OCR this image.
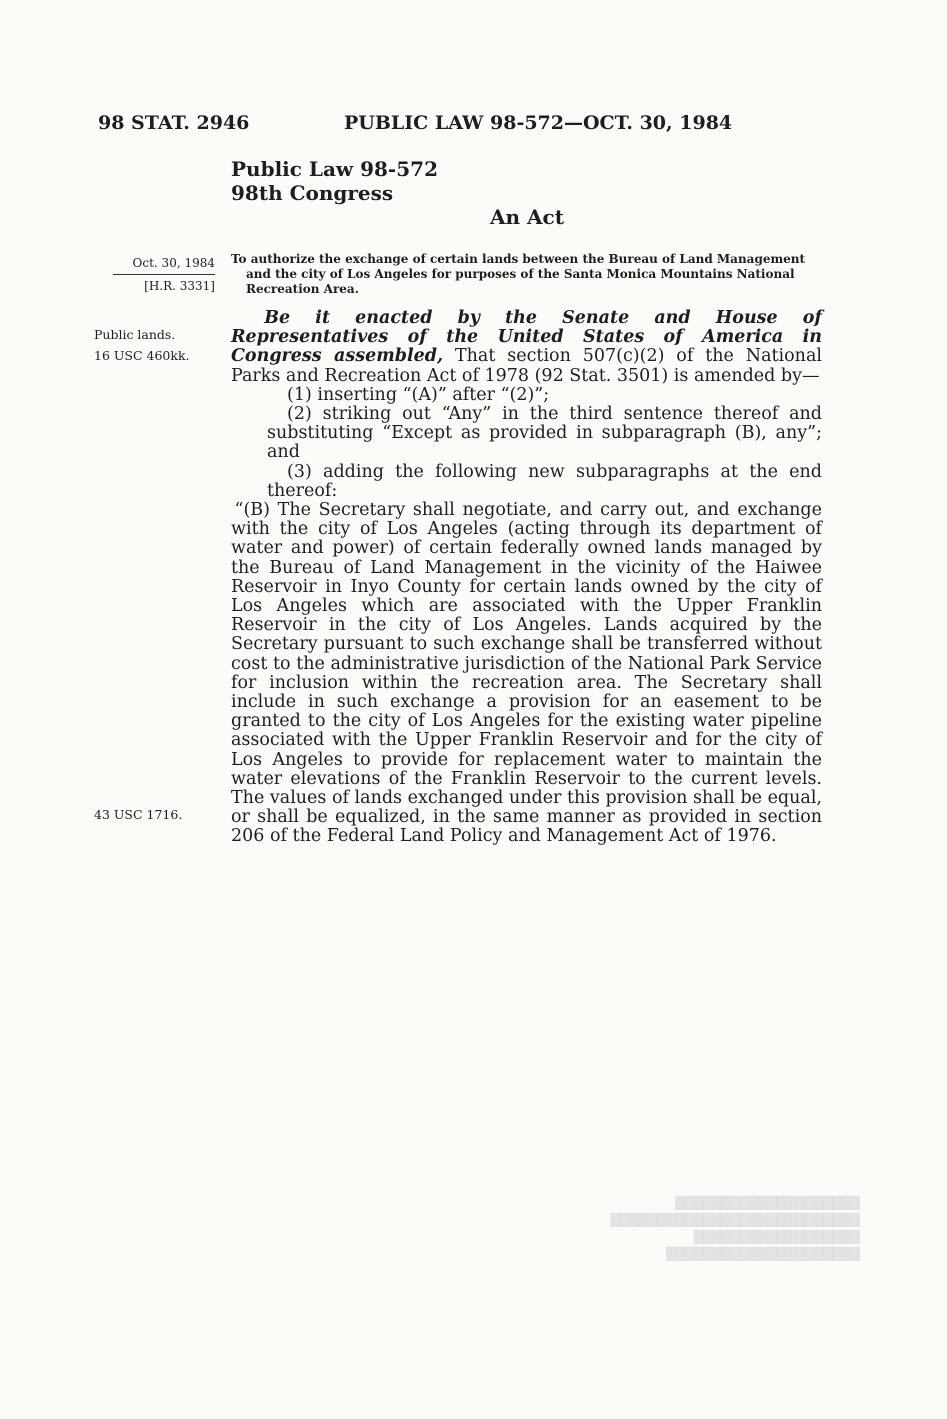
98 STAT. 2946	PUBLIC LAW 98-572—OCT. 30, 1984
Public Law 98-572
98th Congress
An Act
Oct. 30, 1984
[H.R. 3331]
To authorize the exchange of certain lands between the Bureau of Land Management
and the city of Los Angeles for purposes of the Santa Monica Mountains National
Recreation Area.
Public lands.
16 USC 460kk.
43 USC 1716.

Be it enacted by the Senate and House of Representatives of the United States of America in Congress assembled, That section 507(c)(2) of the National Parks and Recreation Act of 1978 (92 Stat. 3501) is amended by—

(1) inserting “(A)” after “(2)”;

(2) striking out “Any” in the third sentence thereof and substituting “Except as provided in subparagraph (B), any”; and

(3) adding the following new subparagraphs at the end thereof:

“(B) The Secretary shall negotiate, and carry out, and exchange with the city of Los Angeles (acting through its department of water and power) of certain federally owned lands managed by the Bureau of Land Management in the vicinity of the Haiwee Reservoir in Inyo County for certain lands owned by the city of Los Angeles which are associated with the Upper Franklin Reservoir in the city of Los Angeles. Lands acquired by the Secretary pursuant to such exchange shall be transferred without cost to the administrative jurisdiction of the National Park Service for inclusion within the recreation area. The Secretary shall include in such exchange a provision for an easement to be granted to the city of Los Angeles for the existing water pipeline associated with the Upper Franklin Reservoir and for the city of Los Angeles to provide for replacement water to maintain the water elevations of the Franklin Reservoir to the current levels. The values of lands exchanged under this provision shall be equal, or shall be equalized, in the same manner as provided in section 206 of the Federal Land Policy and Management Act of 1976.

████████████████████
███████████████████████████
██████████████████
█████████████████████
